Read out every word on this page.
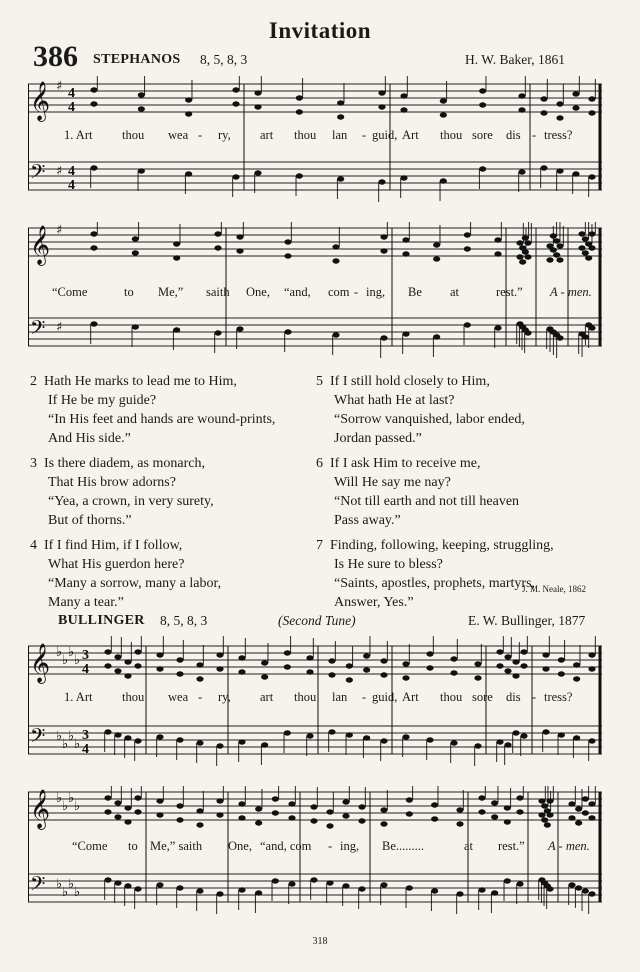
Invitation
386 STEPHANOS 8, 5, 8, 3	H. W. Baker, 1861
𝄞
𝄢
♯
♯
4
4
4
4
1. Art thou wea - ry, art thou lan - guid, Art thou sore dis - tress?
𝄞
𝄢
♯
♯
“Come	to Me,” saith One, “and, com - ing, Be at	rest.” A - men.
2 Hath He marks to lead me to Him,
If He be my guide?
“In His feet and hands are wound-prints,
And His side.”
3 Is there diadem, as monarch,
That His brow adorns?
“Yea, a crown, in very surety,
But of thorns.”
4 If I find Him, if I follow,
What His guerdon here?
“Many a sorrow, many a labor,
Many a tear.”
5 If I still hold closely to Him,
What hath He at last?
“Sorrow vanquished, labor ended,
Jordan passed.”
6 If I ask Him to receive me,
Will He say me nay?
“Not till earth and not till heaven
Pass away.”
7 Finding, following, keeping, struggling,
Is He sure to bless?
“Saints, apostles, prophets, martyrs,
Answer, Yes.”
J. M. Neale, 1862
BULLINGER 8, 5, 8, 3	(Second Tune)	E. W. Bullinger, 1877
𝄞
𝄢
♭
♭
♭
♭
♭
♭
♭
♭
3
4
3
4
1. Art thou wea - ry, art thou lan - guid, Art thou sore dis - tress?
𝄞
𝄢
♭
♭
♭
♭
♭
♭
♭
♭
“Come to Me,” saith One, “and, com - ing, Be.........	at rest.” A - men.
318
